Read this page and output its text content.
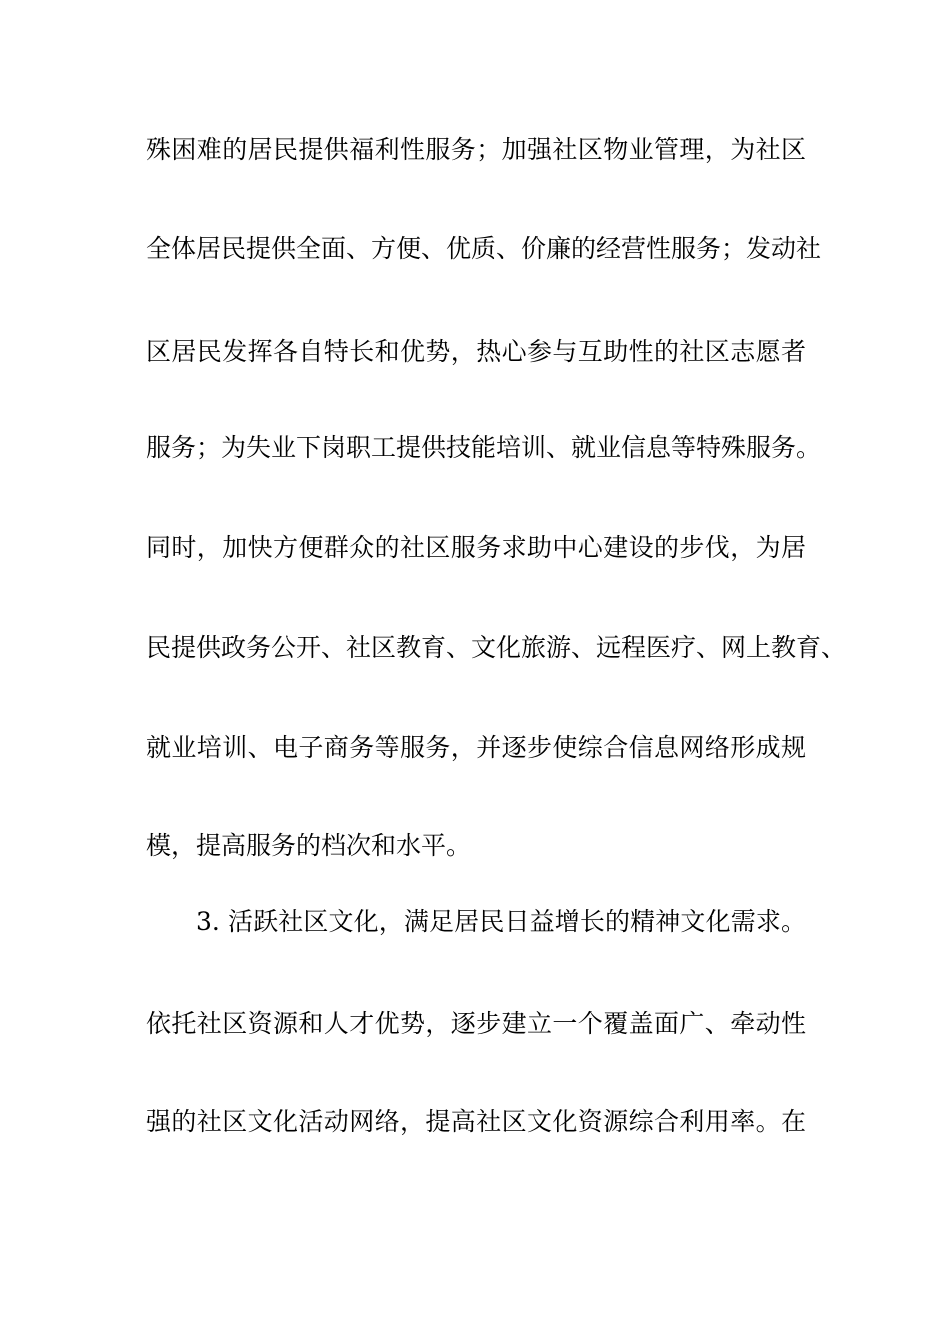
殊困难的居民提供福利性服务；加强社区物业管理，为社区
全体居民提供全面、方便、优质、价廉的经营性服务；发动社
区居民发挥各自特长和优势，热心参与互助性的社区志愿者
服务；为失业下岗职工提供技能培训、就业信息等特殊服务。
同时，加快方便群众的社区服务求助中心建设的步伐，为居
民提供政务公开、社区教育、文化旅游、远程医疗、网上教育、
就业培训、电子商务等服务，并逐步使综合信息网络形成规
模，提高服务的档次和水平。
3. 活跃社区文化，满足居民日益增长的精神文化需求。
依托社区资源和人才优势，逐步建立一个覆盖面广、牵动性
强的社区文化活动网络，提高社区文化资源综合利用率。在
